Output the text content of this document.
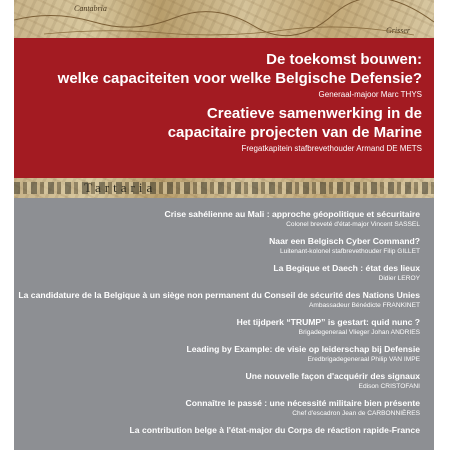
Cantabria
Grisser

De toekomst bouwen:

welke capaciteiten voor welke Belgische Defensie?

Generaal-majoor Marc THYS

Creatieve samenwerking in de

capacitaire projecten van de Marine

Fregatkapitein stafbrevethouder Armand DE METS

Tartaria
Crise sahélienne au Mali : approche géopolitique et sécuritaire
Colonel breveté d'état-major Vincent SASSEL
Naar een Belgisch Cyber Command?
Luitenant-kolonel stafbrevethouder Filip GILLET
La Begique et Daech : état des lieux
Didier LEROY
La candidature de la Belgique à un siège non permanent du Conseil de sécurité des Nations Unies
Ambassadeur Bénédicte FRANKINET
Het tijdperk “TRUMP” is gestart: quid nunc ?
Brigadegeneraal Vlieger Johan ANDRIES
Leading by Example: de visie op leiderschap bij Defensie
Eredbrigadegeneraal Philip VAN IMPE
Une nouvelle façon d'acquérir des signaux
Edison CRISTOFANI
Connaître le passé : une nécessité militaire bien présente
Chef d'escadron Jean de CARBONNIÈRES
La contribution belge à l'état-major du Corps de réaction rapide-France
